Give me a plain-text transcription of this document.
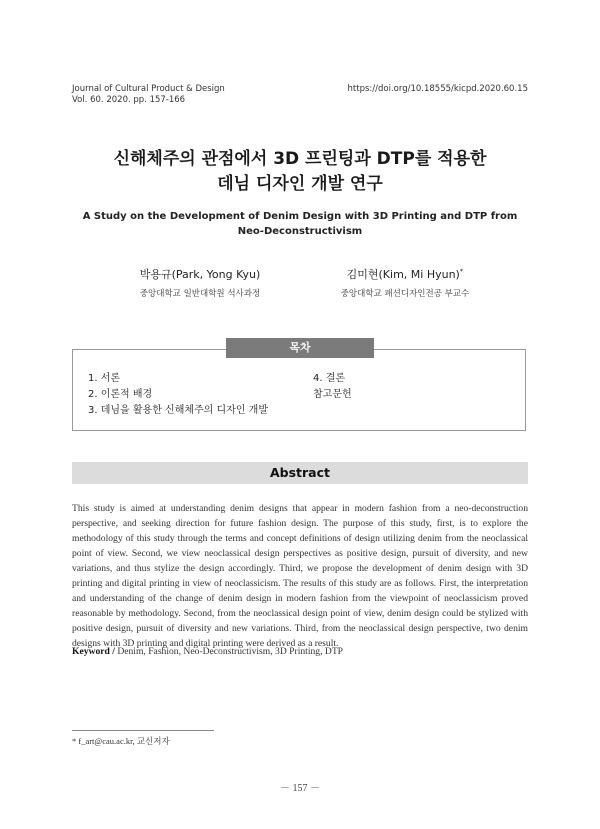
Journal of Cultural Product & Design
Vol. 60. 2020. pp. 157-166
https://doi.org/10.18555/kicpd.2020.60.15
신해체주의 관점에서 3D 프린팅과 DTP를 적용한
데님 디자인 개발 연구
A Study on the Development of Denim Design with 3D Printing and DTP from
Neo-Deconstructivism
박용규(Park, Yong Kyu)
중앙대학교 일반대학원 석사과정
김미현(Kim, Mi Hyun)*
중앙대학교 패션디자인전공 부교수
목차
1. 서론
2. 이론적 배경
3. 데님을 활용한 신해체주의 디자인 개발
4. 결론
참고문헌
Abstract

This study is aimed at understanding denim designs that appear in modern fashion from a neo-deconstruction perspective, and seeking direction for future fashion design. The purpose of this study, first, is to explore the methodology of this study through the terms and concept definitions of design utilizing denim from the neoclassical point of view. Second, we view neoclassical design perspectives as positive design, pursuit of diversity, and new variations, and thus stylize the design accordingly. Third, we propose the development of denim design with 3D printing and digital printing in view of neoclassicism. The results of this study are as follows. First, the interpretation and understanding of the change of denim design in modern fashion from the viewpoint of neoclassicism proved reasonable by methodology. Second, from the neoclassical design point of view, denim design could be stylized with positive design, pursuit of diversity and new variations. Third, from the neoclassical design perspective, two denim designs with 3D printing and digital printing were derived as a result.

Keyword / Denim, Fashion, Neo-Deconstructivism, 3D Printing, DTP
* f_art@cau.ac.kr, 교신저자
－ 157 －
